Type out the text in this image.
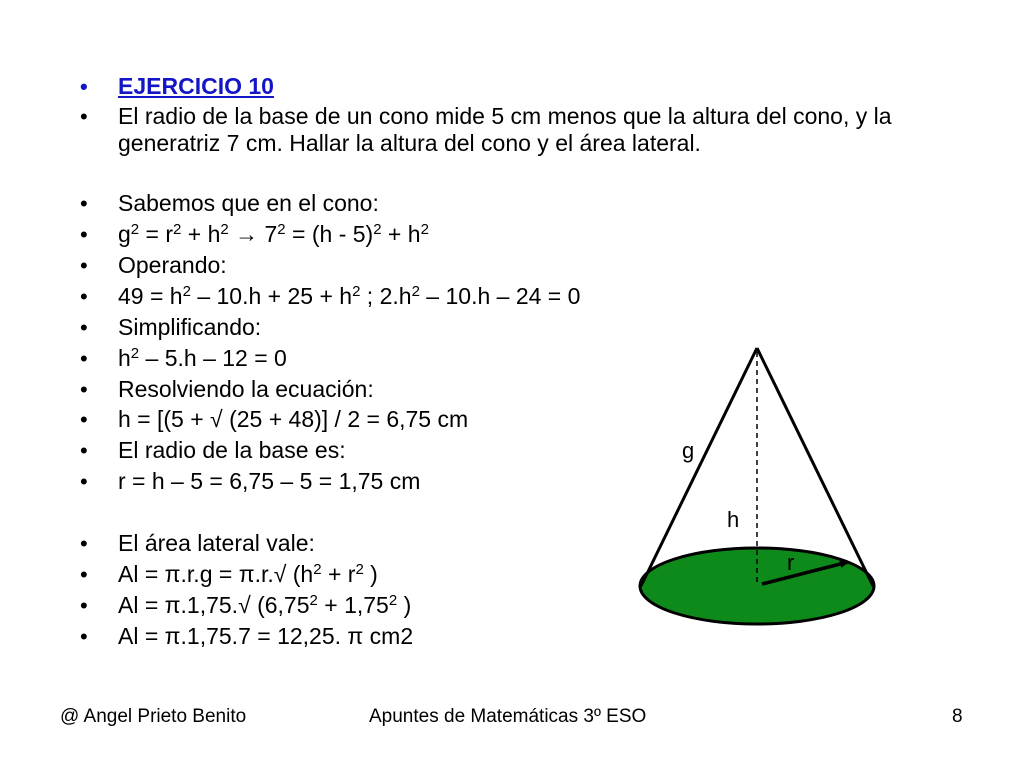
• EJERCICIO 10
• El radio de la base de un cono mide 5 cm menos que la altura del cono, y la generatriz 7 cm. Hallar la altura del cono y el área lateral.
• Sabemos que en el cono:
• $g^2 = r^2 + h^2 \to 7^2 = (h - 5)^2 + h^2$
• Operando:
• $49 = h^2 - 10.h + 25 + h^2$ ; $2.h^2 - 10.h - 24 = 0$
• Simplificando:
• $h^2 - 5.h - 12 = 0$
• Resolviendo la ecuación:
• h = [(5 + √ (25 + 48)] / 2 = 6,75 cm
• El radio de la base es:
• r = h – 5 = 6,75 – 5 = 1,75 cm
• El área lateral vale:
• Al = π.r.g = π.r.√ ($h^2 + r^2$ )
• Al = π.1,75.√ ($6,75^2 + 1,75^2$ )
• Al = π.1,75.7 = 12,25. π cm2
g
h
r
@ Angel Prieto Benito	Apuntes de Matemáticas 3º ESO	8
